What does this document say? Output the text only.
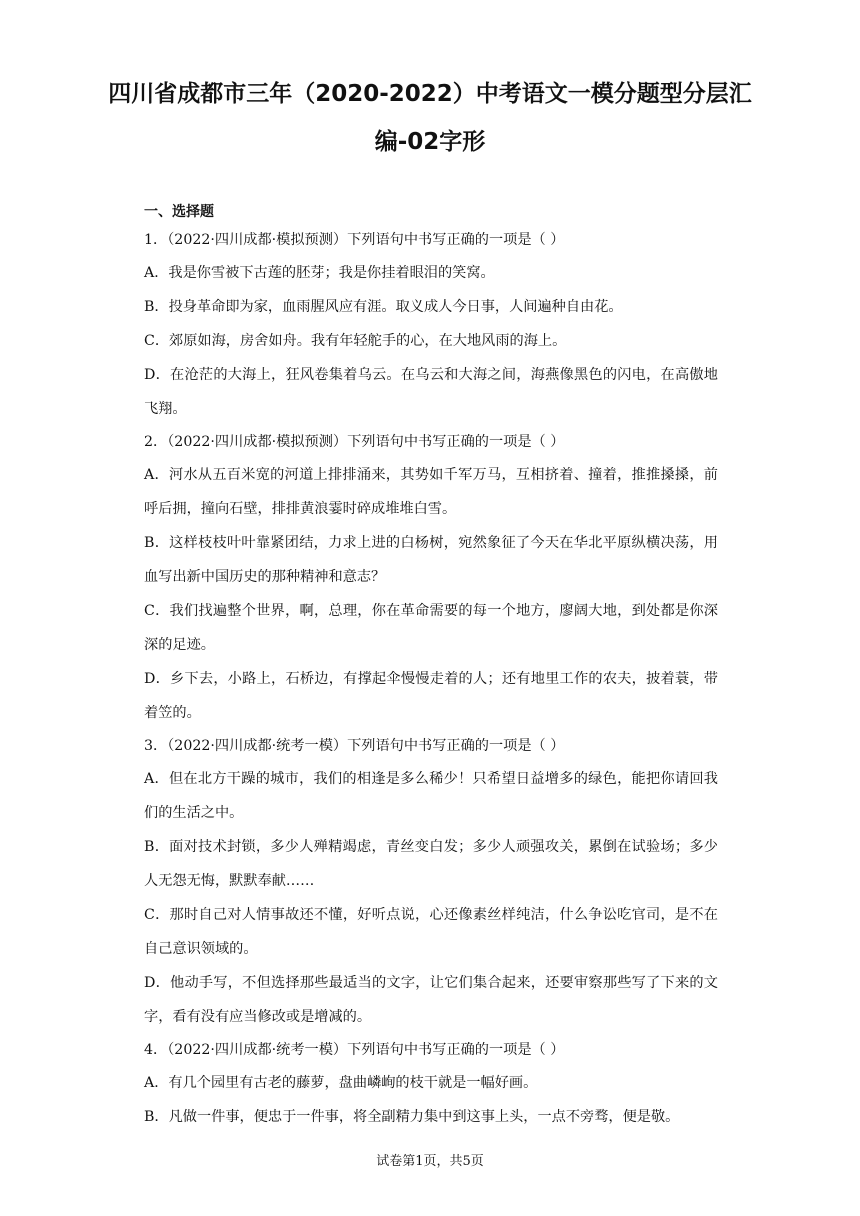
四川省成都市三年（2020-2022）中考语文一模分题型分层汇
编-02字形
一、选择题

1．（2022·四川成都·模拟预测）下列语句中书写正确的一项是（ ）

A．我是你雪被下古莲的胚芽；我是你挂着眼泪的笑窝。

B．投身革命即为家，血雨腥风应有涯。取义成人今日事，人间遍种自由花。

C．郊原如海，房舍如舟。我有年轻舵手的心，在大地风雨的海上。

D．在沧茫的大海上，狂风卷集着乌云。在乌云和大海之间，海燕像黑色的闪电，在高傲地飞翔。

2．（2022·四川成都·模拟预测）下列语句中书写正确的一项是（ ）

A．河水从五百米宽的河道上排排涌来，其势如千军万马，互相挤着、撞着，推推搡搡，前呼后拥，撞向石壁，排排黄浪霎时碎成堆堆白雪。

B．这样枝枝叶叶靠紧团结，力求上进的白杨树，宛然象征了今天在华北平原纵横决荡，用血写出新中国历史的那种精神和意志？

C．我们找遍整个世界，啊，总理，你在革命需要的每一个地方，廖阔大地，到处都是你深深的足迹。

D．乡下去，小路上，石桥边，有撑起伞慢慢走着的人；还有地里工作的农夫，披着蓑，带着笠的。

3．（2022·四川成都·统考一模）下列语句中书写正确的一项是（ ）

A．但在北方干躁的城市，我们的相逢是多么稀少！只希望日益增多的绿色，能把你请回我们的生活之中。

B．面对技术封锁，多少人殚精竭虑，青丝变白发；多少人顽强攻关，累倒在试验场；多少人无怨无悔，默默奉献……

C．那时自己对人情事故还不懂，好听点说，心还像素丝样纯洁，什么争讼吃官司，是不在自己意识领域的。

D．他动手写，不但选择那些最适当的文字，让它们集合起来，还要审察那些写了下来的文字，看有没有应当修改或是增减的。

4．（2022·四川成都·统考一模）下列语句中书写正确的一项是（ ）

A．有几个园里有古老的藤萝，盘曲嶙峋的枝干就是一幅好画。

B．凡做一件事，便忠于一件事，将全副精力集中到这事上头，一点不旁骛，便是敬。

试卷第1页，共5页
